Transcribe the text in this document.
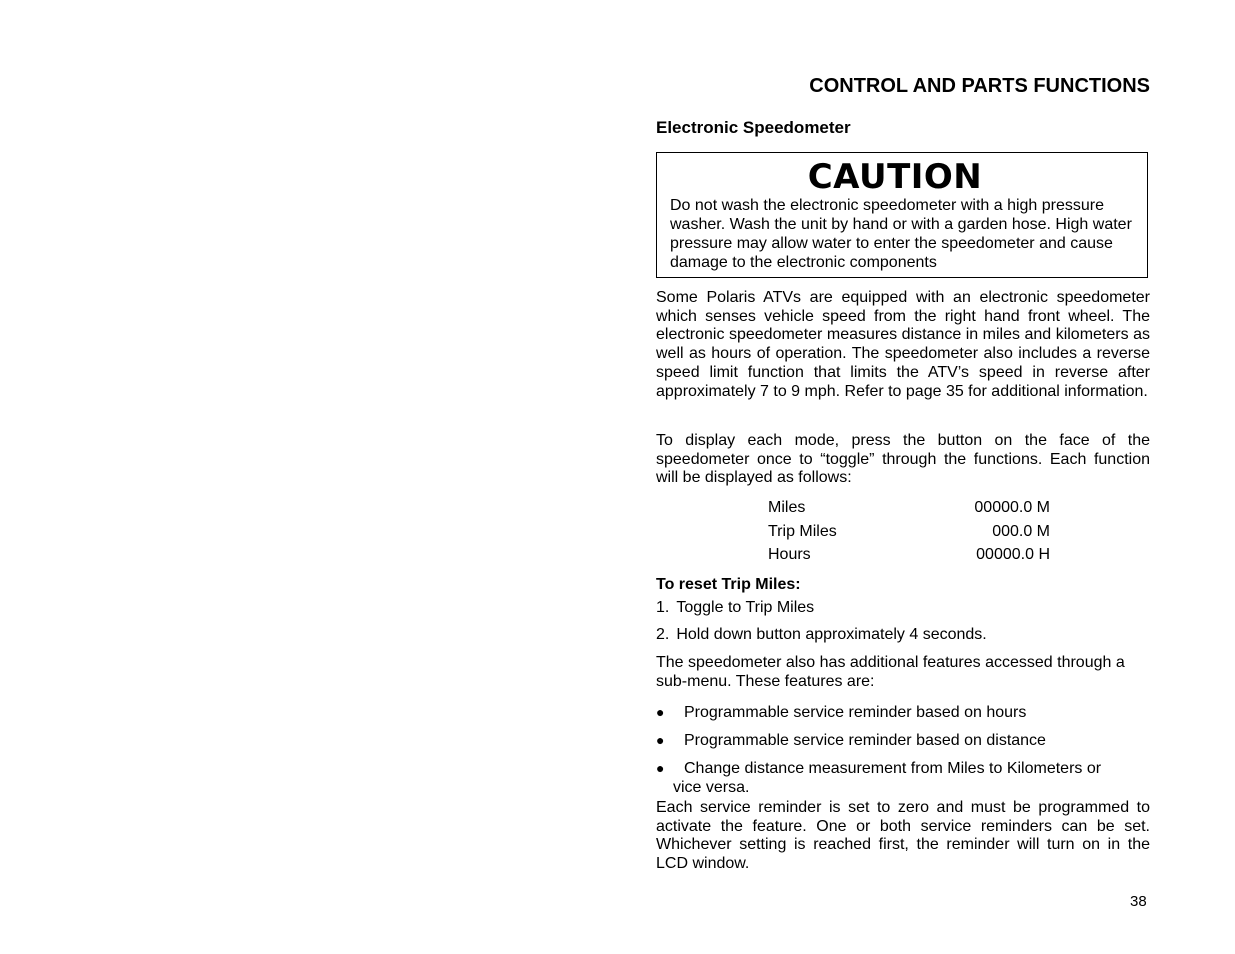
CONTROL AND PARTS FUNCTIONS
Electronic Speedometer
CAUTION
Do not wash the electronic speedometer with a high pressure washer. Wash the unit by hand or with a garden hose. High water pressure may allow water to enter the speedometer and cause damage to the electronic components
Some Polaris ATVs are equipped with an electronic speedometer which senses vehicle speed from the right hand front wheel. The electronic speedometer measures distance in miles and kilometers as well as hours of operation. The speedometer also includes a reverse speed limit function that limits the ATV’s speed in reverse after approximately 7 to 9 mph. Refer to page 35 for additional information.
To display each mode, press the button on the face of the speedometer once to “toggle” through the functions. Each function will be displayed as follows:
Miles	00000.0 M
Trip Miles	000.0 M
Hours	00000.0 H
To reset Trip Miles:
1. Toggle to Trip Miles
2. Hold down button approximately 4 seconds.
The speedometer also has additional features accessed through a sub-menu. These features are:
● Programmable service reminder based on hours
● Programmable service reminder based on distance
● Change distance measurement from Miles to Kilometers or
vice versa.
Each service reminder is set to zero and must be programmed to activate the feature. One or both service reminders can be set. Whichever setting is reached first, the reminder will turn on in the LCD window.
38
